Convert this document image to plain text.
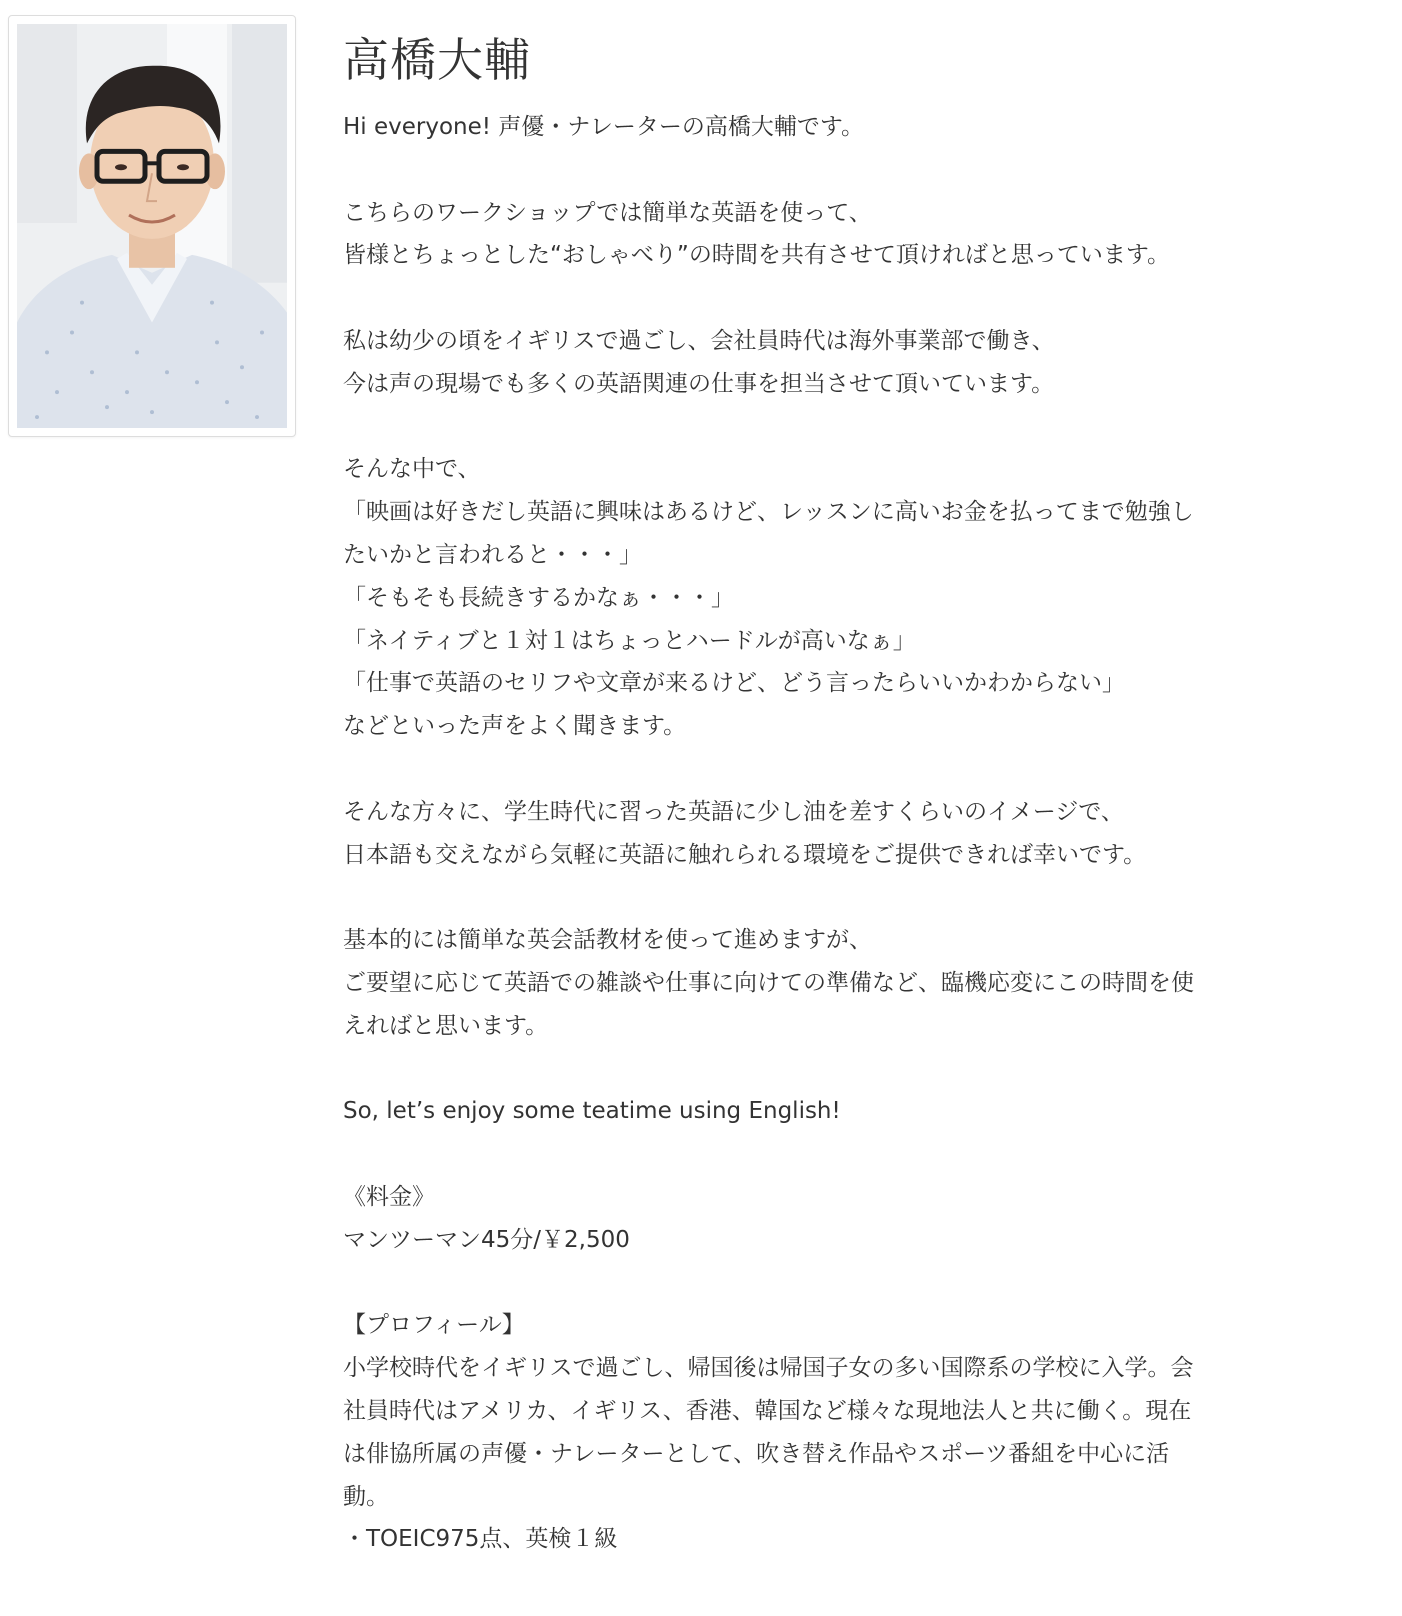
高橋大輔
Hi everyone! 声優・ナレーターの高橋大輔です。
こちらのワークショップでは簡単な英語を使って、
皆様とちょっとした“おしゃべり”の時間を共有させて頂ければと思っています。
私は幼少の頃をイギリスで過ごし、会社員時代は海外事業部で働き、
今は声の現場でも多くの英語関連の仕事を担当させて頂いています。
そんな中で、
「映画は好きだし英語に興味はあるけど、レッスンに高いお金を払ってまで勉強し
たいかと言われると・・・」
「そもそも長続きするかなぁ・・・」
「ネイティブと１対１はちょっとハードルが高いなぁ」
「仕事で英語のセリフや文章が来るけど、どう言ったらいいかわからない」
などといった声をよく聞きます。
そんな方々に、学生時代に習った英語に少し油を差すくらいのイメージで、
日本語も交えながら気軽に英語に触れられる環境をご提供できれば幸いです。
基本的には簡単な英会話教材を使って進めますが、
ご要望に応じて英語での雑談や仕事に向けての準備など、臨機応変にこの時間を使
えればと思います。
So, let’s enjoy some teatime using English!
《料金》
マンツーマン45分/￥2,500
【プロフィール】
小学校時代をイギリスで過ごし、帰国後は帰国子女の多い国際系の学校に入学。会
社員時代はアメリカ、イギリス、香港、韓国など様々な現地法人と共に働く。現在
は俳協所属の声優・ナレーターとして、吹き替え作品やスポーツ番組を中心に活
動。
・TOEIC975点、英検１級
